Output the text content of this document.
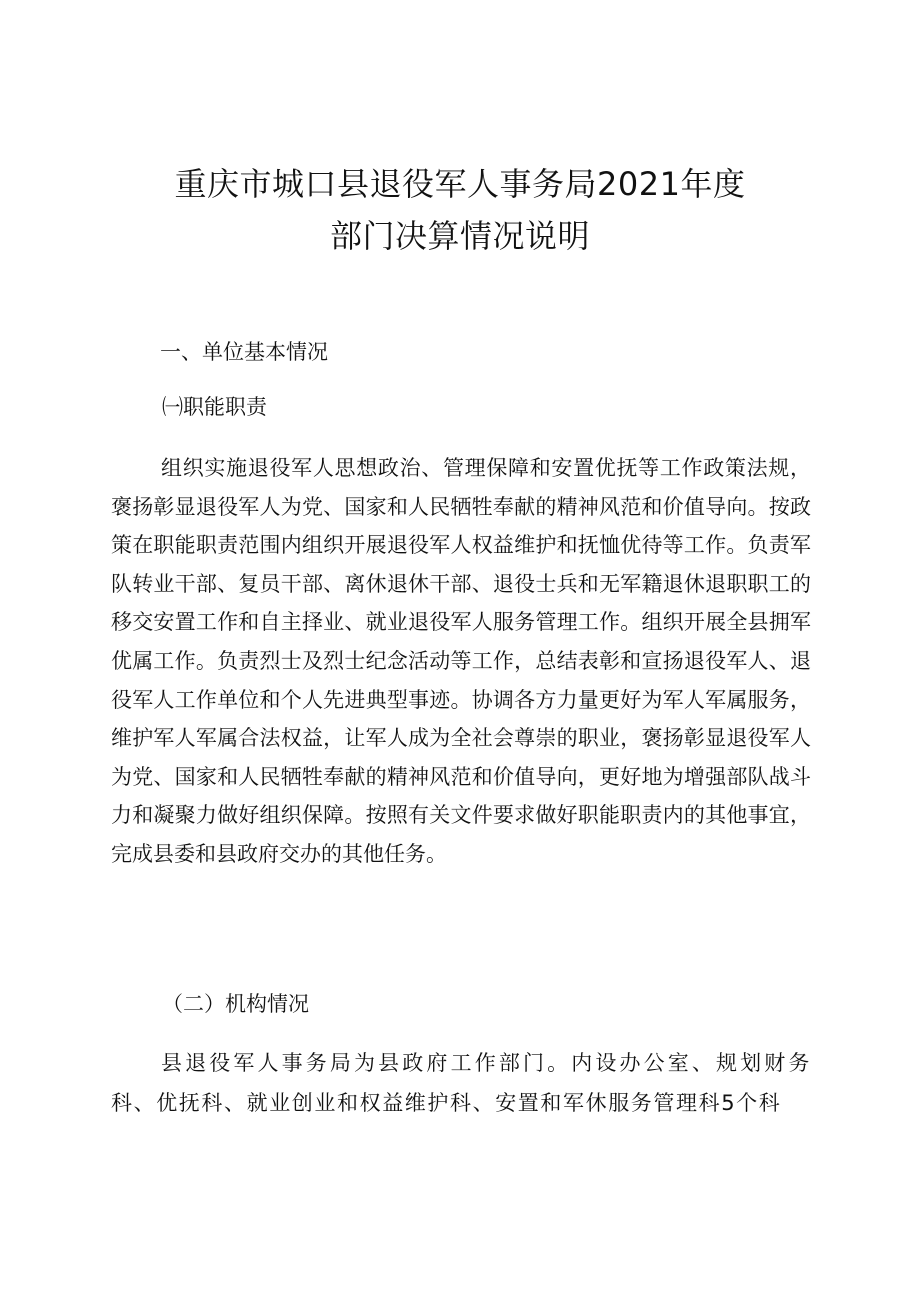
重庆市城口县退役军人事务局2021年度
部门决算情况说明
一、单位基本情况
㈠职能职责

组织实施退役军人思想政治、管理保障和安置优抚等工作政策法规，褒扬彰显退役军人为党、国家和人民牺牲奉献的精神风范和价值导向。按政策在职能职责范围内组织开展退役军人权益维护和抚恤优待等工作。负责军队转业干部、复员干部、离休退休干部、退役士兵和无军籍退休退职职工的移交安置工作和自主择业、就业退役军人服务管理工作。组织开展全县拥军优属工作。负责烈士及烈士纪念活动等工作，总结表彰和宣扬退役军人、退役军人工作单位和个人先进典型事迹。协调各方力量更好为军人军属服务，维护军人军属合法权益，让军人成为全社会尊崇的职业，褒扬彰显退役军人为党、国家和人民牺牲奉献的精神风范和价值导向，更好地为增强部队战斗力和凝聚力做好组织保障。按照有关文件要求做好职能职责内的其他事宜，完成县委和县政府交办的其他任务。

（二）机构情况

县退役军人事务局为县政府工作部门。内设办公室、规划财务科、优抚科、就业创业和权益维护科、安置和军休服务管理科5个科
